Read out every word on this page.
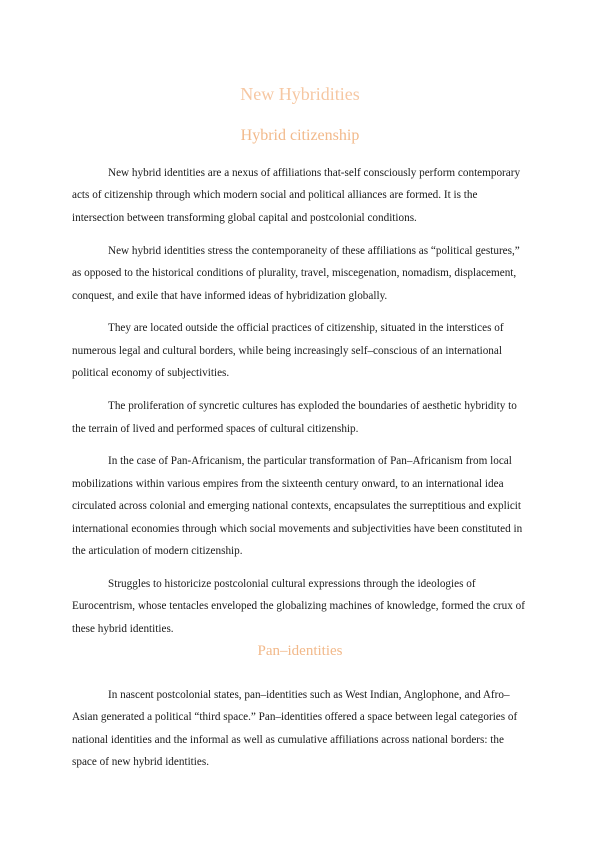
New Hybridities
Hybrid citizenship

New hybrid identities are a nexus of affiliations that-self consciously perform contemporary acts of citizenship through which modern social and political alliances are formed. It is the intersection between transforming global capital and postcolonial conditions.

New hybrid identities stress the contemporaneity of these affiliations as “political gestures,” as opposed to the historical conditions of plurality, travel, miscegenation, nomadism, displacement, conquest, and exile that have informed ideas of hybridization globally.

They are located outside the official practices of citizenship, situated in the interstices of numerous legal and cultural borders, while being increasingly self–conscious of an international political economy of subjectivities.

The proliferation of syncretic cultures has exploded the boundaries of aesthetic hybridity to the terrain of lived and performed spaces of cultural citizenship.

In the case of Pan-Africanism, the particular transformation of Pan–Africanism from local mobilizations within various empires from the sixteenth century onward, to an international idea circulated across colonial and emerging national contexts, encapsulates the surreptitious and explicit international economies through which social movements and subjectivities have been constituted in the articulation of modern citizenship.

Struggles to historicize postcolonial cultural expressions through the ideologies of Eurocentrism, whose tentacles enveloped the globalizing machines of knowledge, formed the crux of these hybrid identities.

Pan–identities

In nascent postcolonial states, pan–identities such as West Indian, Anglophone, and Afro–Asian generated a political “third space.” Pan–identities offered a space between legal categories of national identities and the informal as well as cumulative affiliations across national borders: the space of new hybrid identities.
